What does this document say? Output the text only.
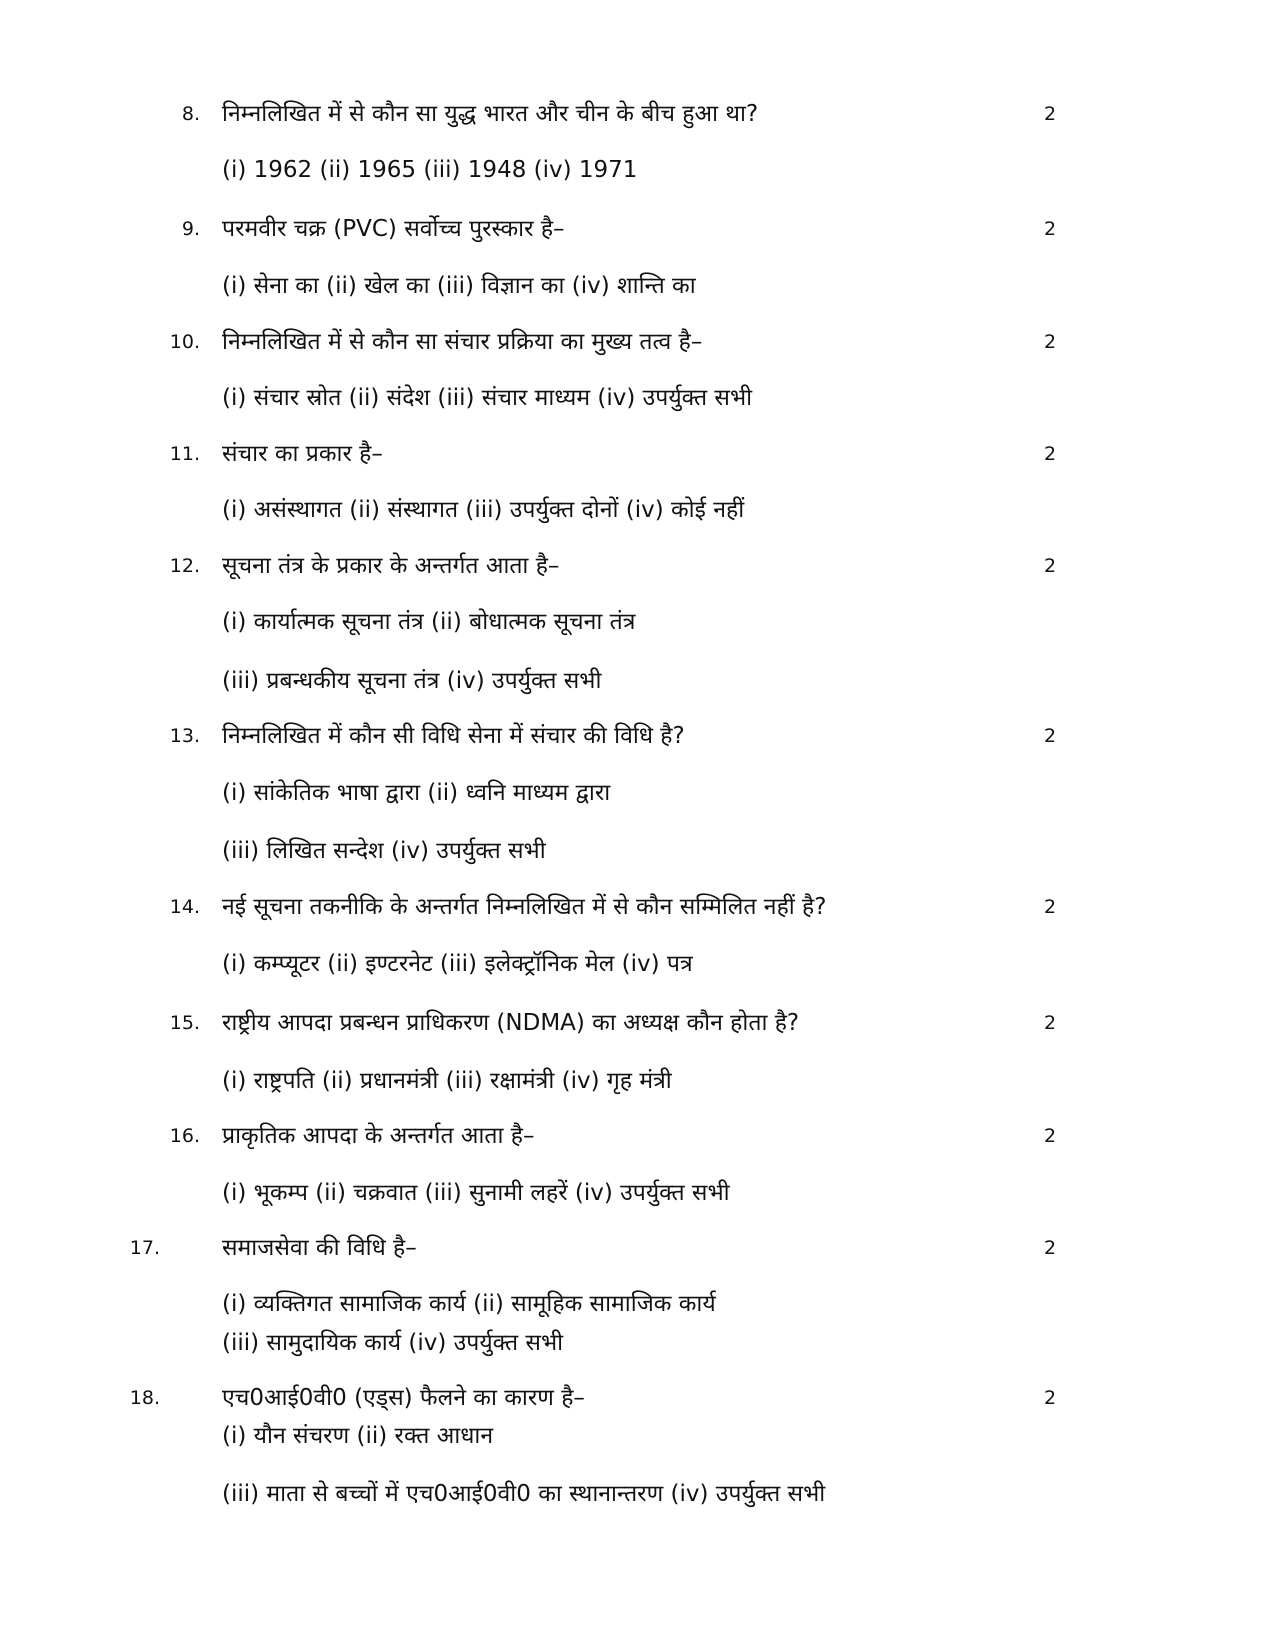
8. निम्नलिखित में से कौन सा युद्ध भारत और चीन के बीच हुआ था?	2
(i) 1962 (ii) 1965 (iii) 1948 (iv) 1971
9. परमवीर चक्र (PVC) सर्वोच्च पुरस्कार है–	2
(i) सेना का (ii) खेल का (iii) विज्ञान का (iv) शान्ति का
10. निम्नलिखित में से कौन सा संचार प्रक्रिया का मुख्य तत्व है–	2
(i) संचार स्रोत (ii) संदेश (iii) संचार माध्यम (iv) उपर्युक्त सभी
11. संचार का प्रकार है–	2
(i) असंस्थागत (ii) संस्थागत (iii) उपर्युक्त दोनों (iv) कोई नहीं
12. सूचना तंत्र के प्रकार के अन्तर्गत आता है–	2
(i) कार्यात्मक सूचना तंत्र (ii) बोधात्मक सूचना तंत्र
(iii) प्रबन्धकीय सूचना तंत्र (iv) उपर्युक्त सभी
13. निम्नलिखित में कौन सी विधि सेना में संचार की विधि है?	2
(i) सांकेतिक भाषा द्वारा (ii) ध्वनि माध्यम द्वारा
(iii) लिखित सन्देश (iv) उपर्युक्त सभी
14. नई सूचना तकनीकि के अन्तर्गत निम्नलिखित में से कौन सम्मिलित नहीं है?	2
(i) कम्प्यूटर (ii) इण्टरनेट (iii) इलेक्ट्रॉनिक मेल (iv) पत्र
15. राष्ट्रीय आपदा प्रबन्धन प्राधिकरण (NDMA) का अध्यक्ष कौन होता है?	2
(i) राष्ट्रपति (ii) प्रधानमंत्री (iii) रक्षामंत्री (iv) गृह मंत्री
16. प्राकृतिक आपदा के अन्तर्गत आता है–	2
(i) भूकम्प (ii) चक्रवात (iii) सुनामी लहरें (iv) उपर्युक्त सभी
17.	समाजसेवा की विधि है–	2
(i) व्यक्तिगत सामाजिक कार्य (ii) सामूहिक सामाजिक कार्य
(iii) सामुदायिक कार्य (iv) उपर्युक्त सभी
18.	एच0आई0वी0 (एड्स) फैलने का कारण है–	2
(i) यौन संचरण (ii) रक्त आधान
(iii) माता से बच्चों में एच0आई0वी0 का स्थानान्तरण (iv) उपर्युक्त सभी
